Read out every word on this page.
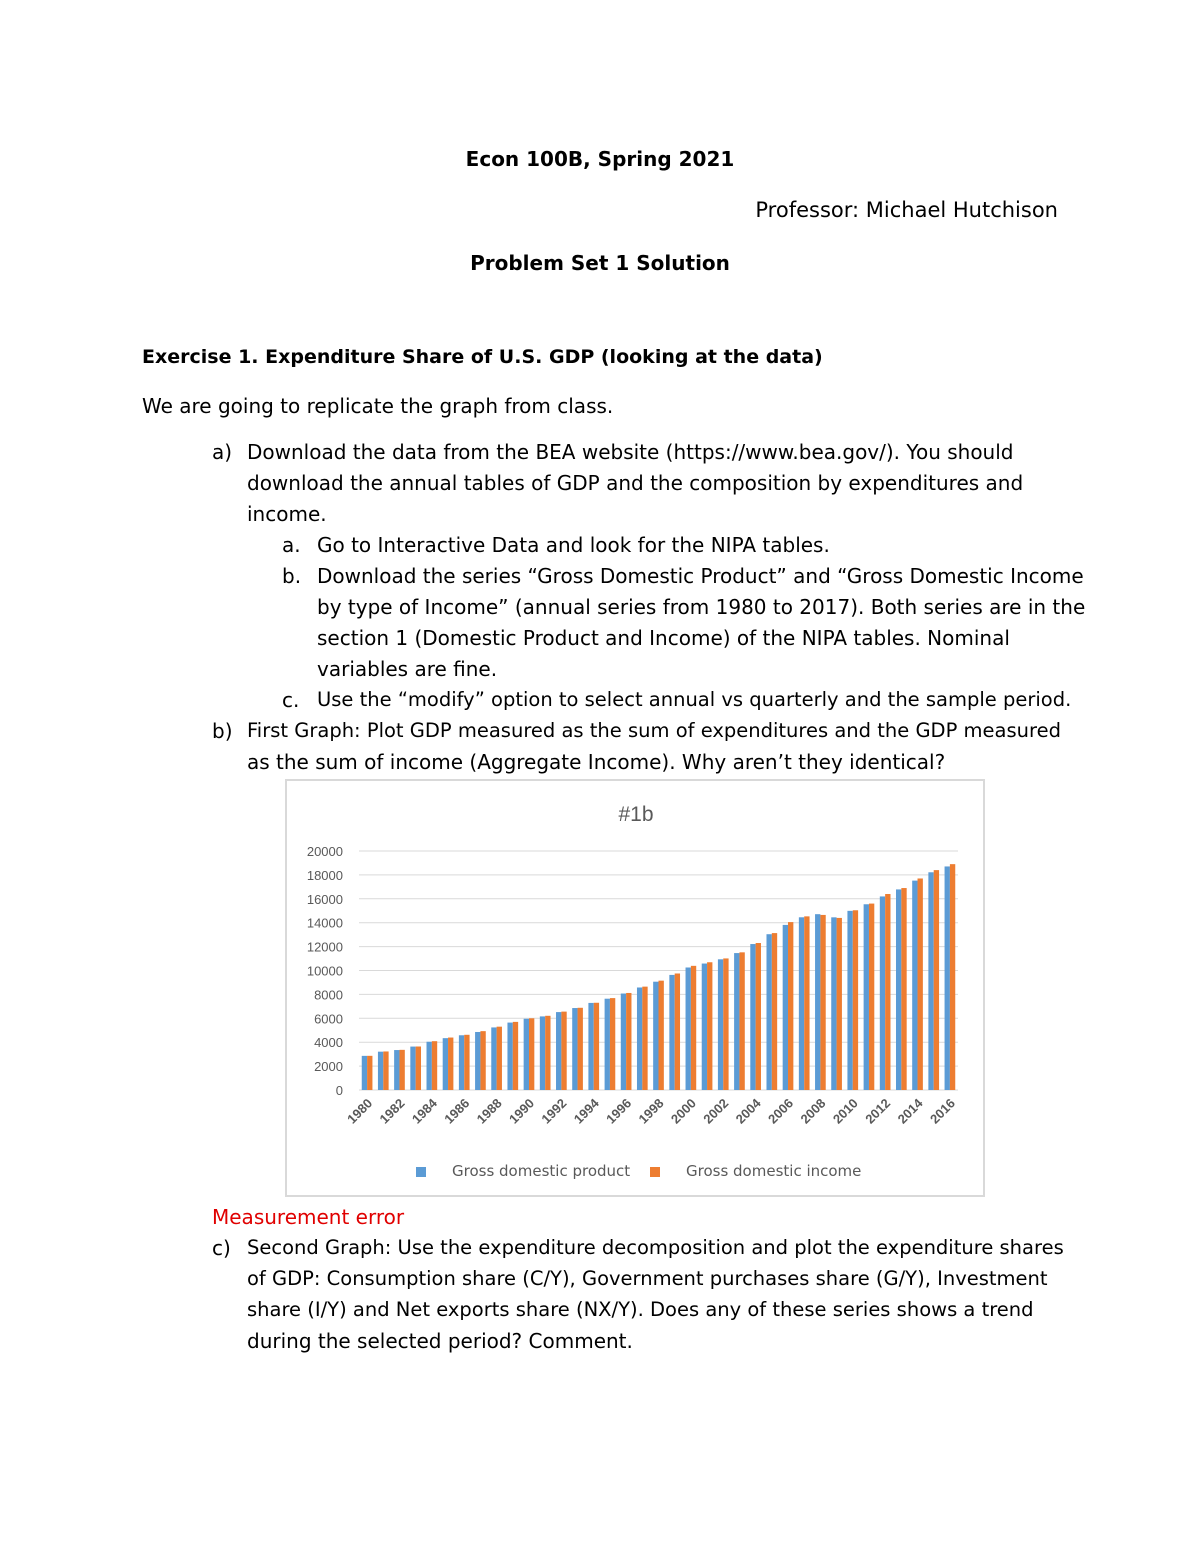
Econ 100B, Spring 2021
Professor: Michael Hutchison
Problem Set 1 Solution
Exercise 1. Expenditure Share of U.S. GDP (looking at the data)
We are going to replicate the graph from class.
a) Download the data from the BEA website (https://www.bea.gov/). You should
download the annual tables of GDP and the composition by expenditures and
income.
a. Go to Interactive Data and look for the NIPA tables.
b. Download the series “Gross Domestic Product” and “Gross Domestic Income
by type of Income” (annual series from 1980 to 2017). Both series are in the
section 1 (Domestic Product and Income) of the NIPA tables. Nominal
variables are fine.
c. Use the “modify” option to select annual vs quarterly and the sample period.
b) First Graph: Plot GDP measured as the sum of expenditures and the GDP measured
as the sum of income (Aggregate Income). Why aren’t they identical?
#1b
0
2000
4000
6000
8000
10000
12000
14000
16000
18000
20000
1980 1982 1984 1986 1988 1990 1992 1994 1996 1998 2000 2002 2004 2006 2008 2010 2012 2014 2016
Gross domestic product	Gross domestic income
Measurement error
c) Second Graph: Use the expenditure decomposition and plot the expenditure shares
of GDP: Consumption share (C/Y), Government purchases share (G/Y), Investment
share (I/Y) and Net exports share (NX/Y). Does any of these series shows a trend
during the selected period? Comment.
